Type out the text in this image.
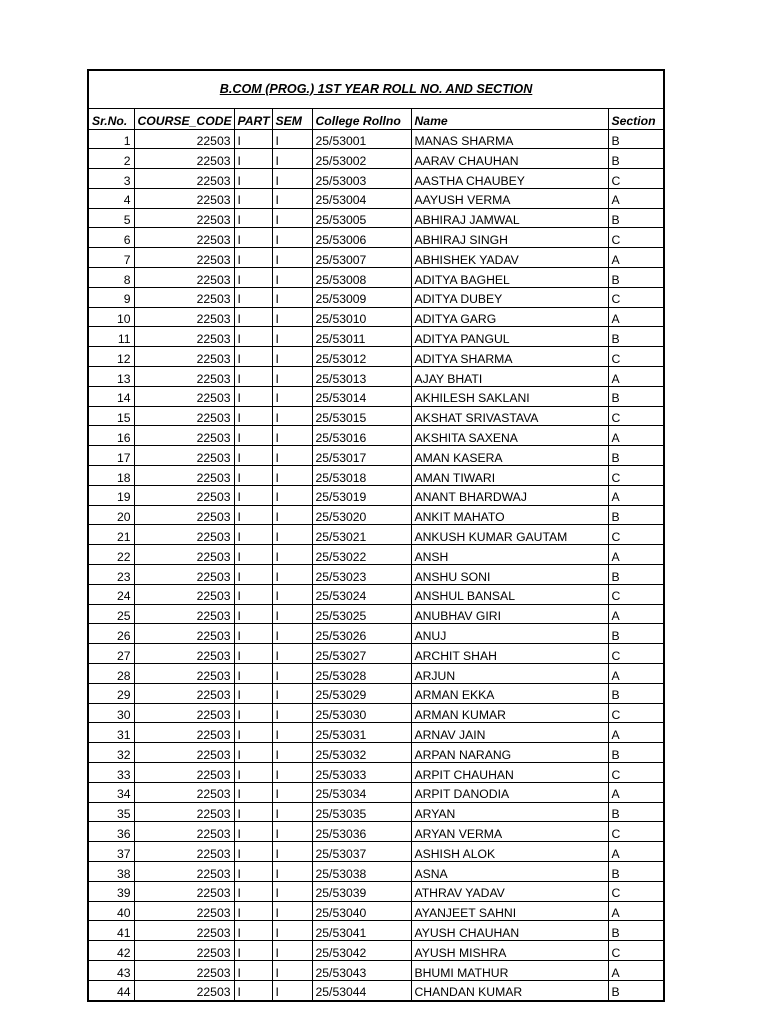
B.COM (PROG.) 1ST YEAR ROLL NO. AND SECTION						
Sr.No.	COURSE_CODE	PART	SEM	College Rollno	Name	Section
1	22503	I	I	25/53001	MANAS SHARMA	B
2	22503	I	I	25/53002	AARAV CHAUHAN	B
3	22503	I	I	25/53003	AASTHA CHAUBEY	C
4	22503	I	I	25/53004	AAYUSH VERMA	A
5	22503	I	I	25/53005	ABHIRAJ JAMWAL	B
6	22503	I	I	25/53006	ABHIRAJ SINGH	C
7	22503	I	I	25/53007	ABHISHEK YADAV	A
8	22503	I	I	25/53008	ADITYA BAGHEL	B
9	22503	I	I	25/53009	ADITYA DUBEY	C
10	22503	I	I	25/53010	ADITYA GARG	A
11	22503	I	I	25/53011	ADITYA PANGUL	B
12	22503	I	I	25/53012	ADITYA SHARMA	C
13	22503	I	I	25/53013	AJAY BHATI	A
14	22503	I	I	25/53014	AKHILESH SAKLANI	B
15	22503	I	I	25/53015	AKSHAT SRIVASTAVA	C
16	22503	I	I	25/53016	AKSHITA SAXENA	A
17	22503	I	I	25/53017	AMAN KASERA	B
18	22503	I	I	25/53018	AMAN TIWARI	C
19	22503	I	I	25/53019	ANANT BHARDWAJ	A
20	22503	I	I	25/53020	ANKIT MAHATO	B
21	22503	I	I	25/53021	ANKUSH KUMAR GAUTAM	C
22	22503	I	I	25/53022	ANSH	A
23	22503	I	I	25/53023	ANSHU SONI	B
24	22503	I	I	25/53024	ANSHUL BANSAL	C
25	22503	I	I	25/53025	ANUBHAV GIRI	A
26	22503	I	I	25/53026	ANUJ	B
27	22503	I	I	25/53027	ARCHIT SHAH	C
28	22503	I	I	25/53028	ARJUN	A
29	22503	I	I	25/53029	ARMAN EKKA	B
30	22503	I	I	25/53030	ARMAN KUMAR	C
31	22503	I	I	25/53031	ARNAV JAIN	A
32	22503	I	I	25/53032	ARPAN NARANG	B
33	22503	I	I	25/53033	ARPIT CHAUHAN	C
34	22503	I	I	25/53034	ARPIT DANODIA	A
35	22503	I	I	25/53035	ARYAN	B
36	22503	I	I	25/53036	ARYAN VERMA	C
37	22503	I	I	25/53037	ASHISH ALOK	A
38	22503	I	I	25/53038	ASNA	B
39	22503	I	I	25/53039	ATHRAV YADAV	C
40	22503	I	I	25/53040	AYANJEET SAHNI	A
41	22503	I	I	25/53041	AYUSH CHAUHAN	B
42	22503	I	I	25/53042	AYUSH MISHRA	C
43	22503	I	I	25/53043	BHUMI MATHUR	A
44	22503	I	I	25/53044	CHANDAN KUMAR	B
